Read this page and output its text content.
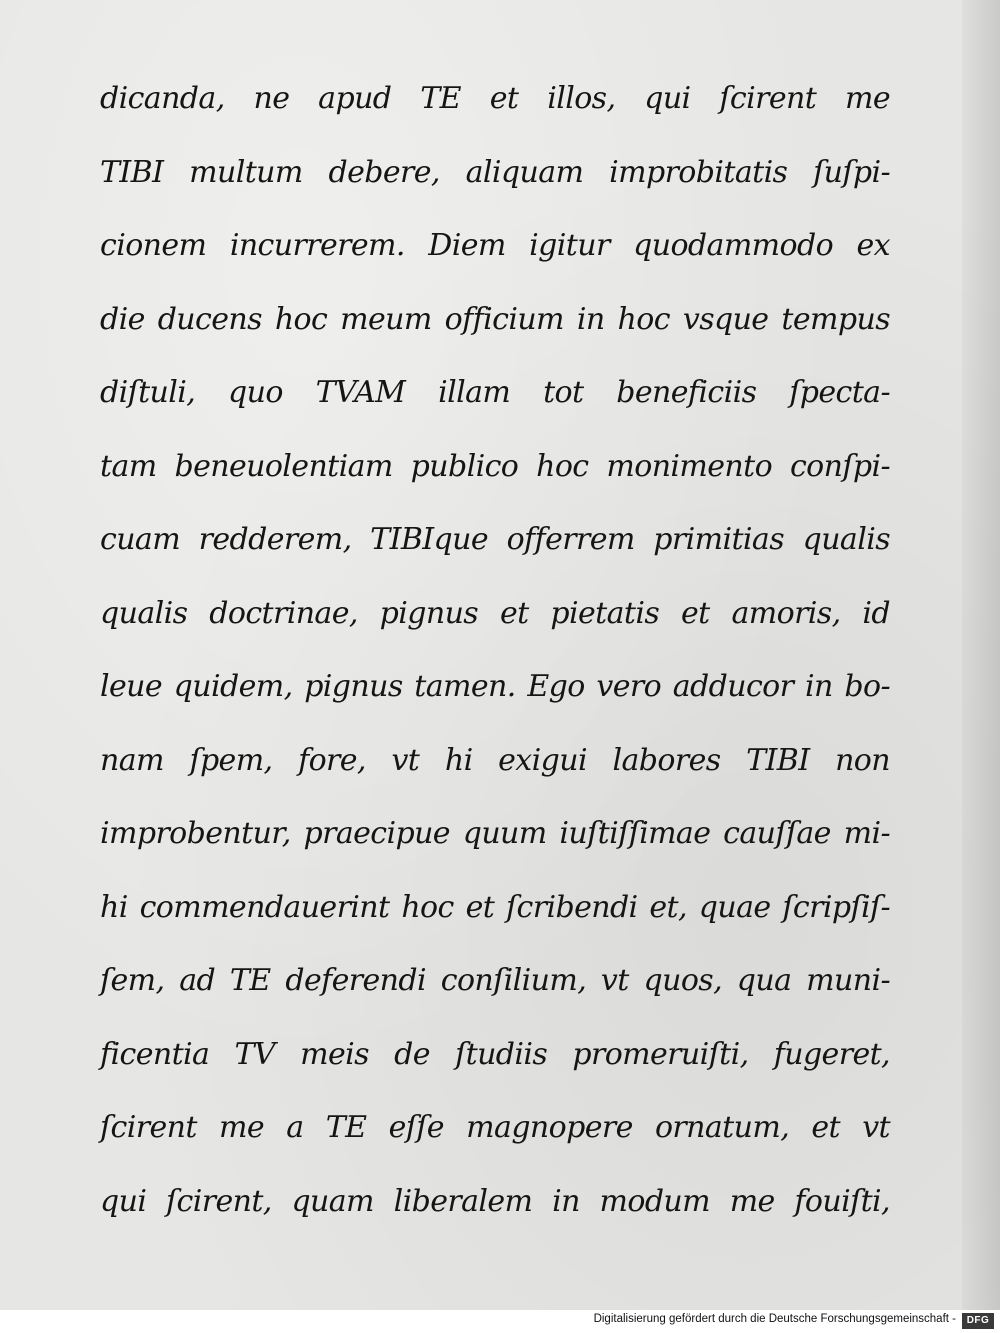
dicanda, ne apud TE et illos, qui ſcirent me
TIBI multum debere, aliquam improbitatis ſuſpi-
cionem incurrerem. Diem igitur quodammodo ex
die ducens hoc meum officium in hoc vsque tempus
diſtuli, quo TVAM illam tot beneficiis ſpecta-
tam beneuolentiam publico hoc monimento conſpi-
cuam redderem, TIBIque offerrem primitias qualis
qualis doctrinae, pignus et pietatis et amoris, id
leue quidem, pignus tamen. Ego vero adducor in bo-
nam ſpem, fore, vt hi exigui labores TIBI non
improbentur, praecipue quum iuſtiſſimae cauſſae mi-
hi commendauerint hoc et ſcribendi et, quae ſcripſiſ-
ſem, ad TE deferendi conſilium, vt quos, qua muni-
ficentia TV meis de ſtudiis promeruiſti, fugeret,
ſcirent me a TE eſſe magnopere ornatum, et vt
qui ſcirent, quam liberalem in modum me fouiſti,
Digitalisierung gefördert durch die Deutsche Forschungsgemeinschaft -	DFG
